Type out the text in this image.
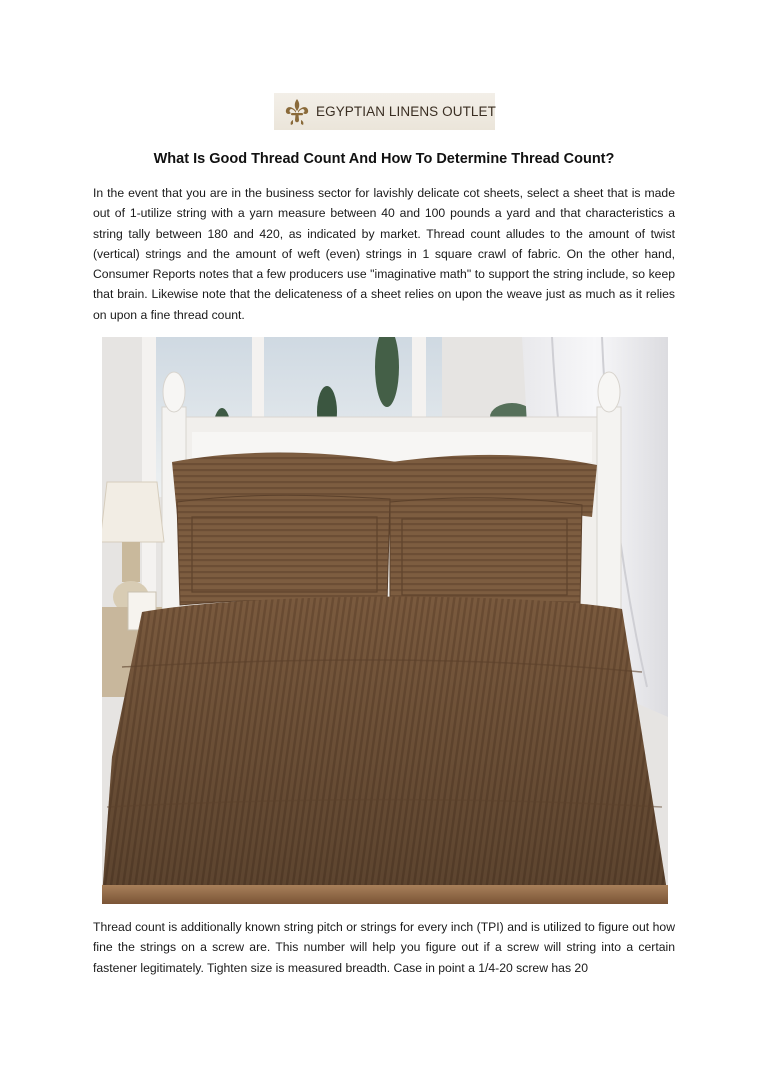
EGYPTIAN LINENS OUTLET
What Is Good Thread Count And How To Determine Thread Count?

In the event that you are in the business sector for lavishly delicate cot sheets, select a sheet that is made out of 1-utilize string with a yarn measure between 40 and 100 pounds a yard and that characteristics a string tally between 180 and 420, as indicated by market. Thread count alludes to the amount of twist (vertical) strings and the amount of weft (even) strings in 1 square crawl of fabric. On the other hand, Consumer Reports notes that a few producers use "imaginative math" to support the string include, so keep that brain. Likewise note that the delicateness of a sheet relies on upon the weave just as much as it relies on upon a fine thread count.

Thread count is additionally known string pitch or strings for every inch (TPI) and is utilized to figure out how fine the strings on a screw are. This number will help you figure out if a screw will string into a certain fastener legitimately. Tighten size is measured breadth. Case in point a 1/4-20 screw has 20
